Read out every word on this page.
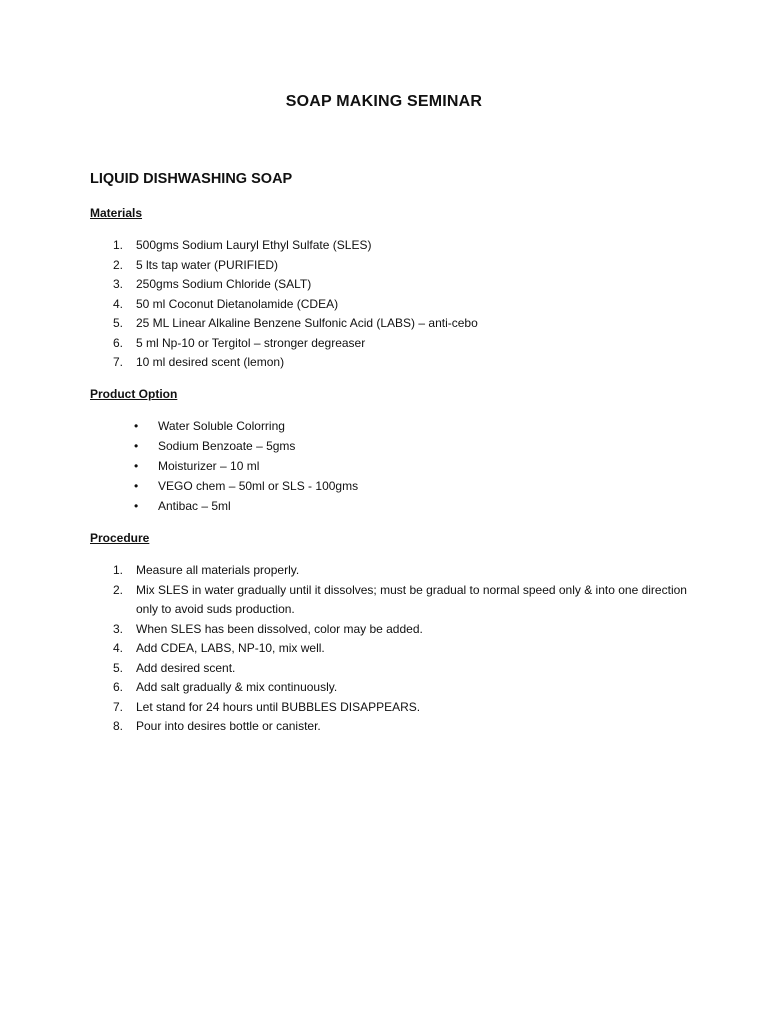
SOAP MAKING SEMINAR
LIQUID DISHWASHING SOAP
Materials
1. 500gms Sodium Lauryl Ethyl Sulfate (SLES)
2. 5 lts tap water (PURIFIED)
3. 250gms Sodium Chloride (SALT)
4. 50 ml Coconut Dietanolamide (CDEA)
5. 25 ML Linear Alkaline Benzene Sulfonic Acid (LABS) – anti-cebo
6. 5 ml Np-10 or Tergitol – stronger degreaser
7. 10 ml desired scent (lemon)
Product Option
• Water Soluble Colorring
• Sodium Benzoate – 5gms
• Moisturizer – 10 ml
• VEGO chem – 50ml or SLS - 100gms
• Antibac – 5ml
Procedure
1. Measure all materials properly.
2. Mix SLES in water gradually until it dissolves; must be gradual to normal speed only & into one direction only to avoid suds production.
3. When SLES has been dissolved, color may be added.
4. Add CDEA, LABS, NP-10, mix well.
5. Add desired scent.
6. Add salt gradually & mix continuously.
7. Let stand for 24 hours until BUBBLES DISAPPEARS.
8. Pour into desires bottle or canister.
